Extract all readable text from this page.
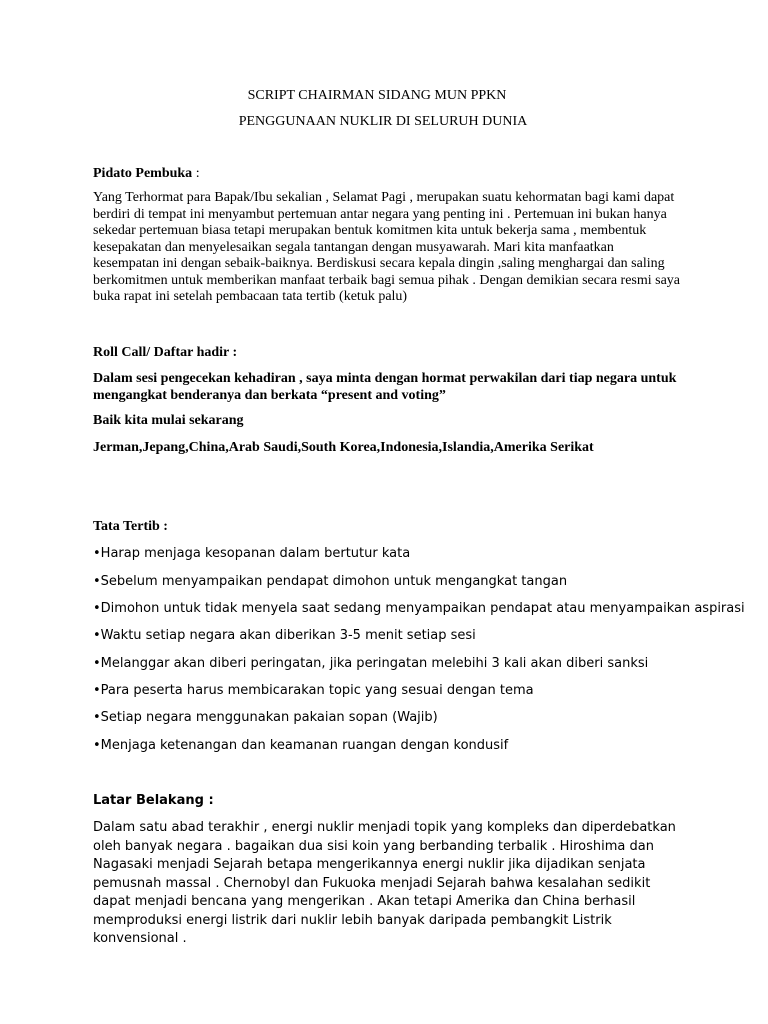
SCRIPT CHAIRMAN SIDANG MUN PPKN
PENGGUNAAN NUKLIR DI SELURUH DUNIA
Pidato Pembuka :
Yang Terhormat para Bapak/Ibu sekalian , Selamat Pagi , merupakan suatu kehormatan bagi kami dapat berdiri di tempat ini menyambut pertemuan antar negara yang penting ini . Pertemuan ini bukan hanya sekedar pertemuan biasa tetapi merupakan bentuk komitmen kita untuk bekerja sama , membentuk kesepakatan dan menyelesaikan segala tantangan dengan musyawarah. Mari kita manfaatkan kesempatan ini dengan sebaik-baiknya. Berdiskusi secara kepala dingin ,saling menghargai dan saling berkomitmen untuk memberikan manfaat terbaik bagi semua pihak . Dengan demikian secara resmi saya buka rapat ini setelah pembacaan tata tertib (ketuk palu)
Roll Call/ Daftar hadir :
Dalam sesi pengecekan kehadiran , saya minta dengan hormat perwakilan dari tiap negara untuk mengangkat benderanya dan berkata “present and voting”
Baik kita mulai sekarang
Jerman,Jepang,China,Arab Saudi,South Korea,Indonesia,Islandia,Amerika Serikat
Tata Tertib :
•Harap menjaga kesopanan dalam bertutur kata
•Sebelum menyampaikan pendapat dimohon untuk mengangkat tangan
•Dimohon untuk tidak menyela saat sedang menyampaikan pendapat atau menyampaikan aspirasi
•Waktu setiap negara akan diberikan 3-5 menit setiap sesi
•Melanggar akan diberi peringatan, jika peringatan melebihi 3 kali akan diberi sanksi
•Para peserta harus membicarakan topic yang sesuai dengan tema
•Setiap negara menggunakan pakaian sopan (Wajib)
•Menjaga ketenangan dan keamanan ruangan dengan kondusif
Latar Belakang :
Dalam satu abad terakhir , energi nuklir menjadi topik yang kompleks dan diperdebatkan oleh banyak negara . bagaikan dua sisi koin yang berbanding terbalik . Hiroshima dan Nagasaki menjadi Sejarah betapa mengerikannya energi nuklir jika dijadikan senjata pemusnah massal . Chernobyl dan Fukuoka menjadi Sejarah bahwa kesalahan sedikit dapat menjadi bencana yang mengerikan . Akan tetapi Amerika dan China berhasil memproduksi energi listrik dari nuklir lebih banyak daripada pembangkit Listrik konvensional .
